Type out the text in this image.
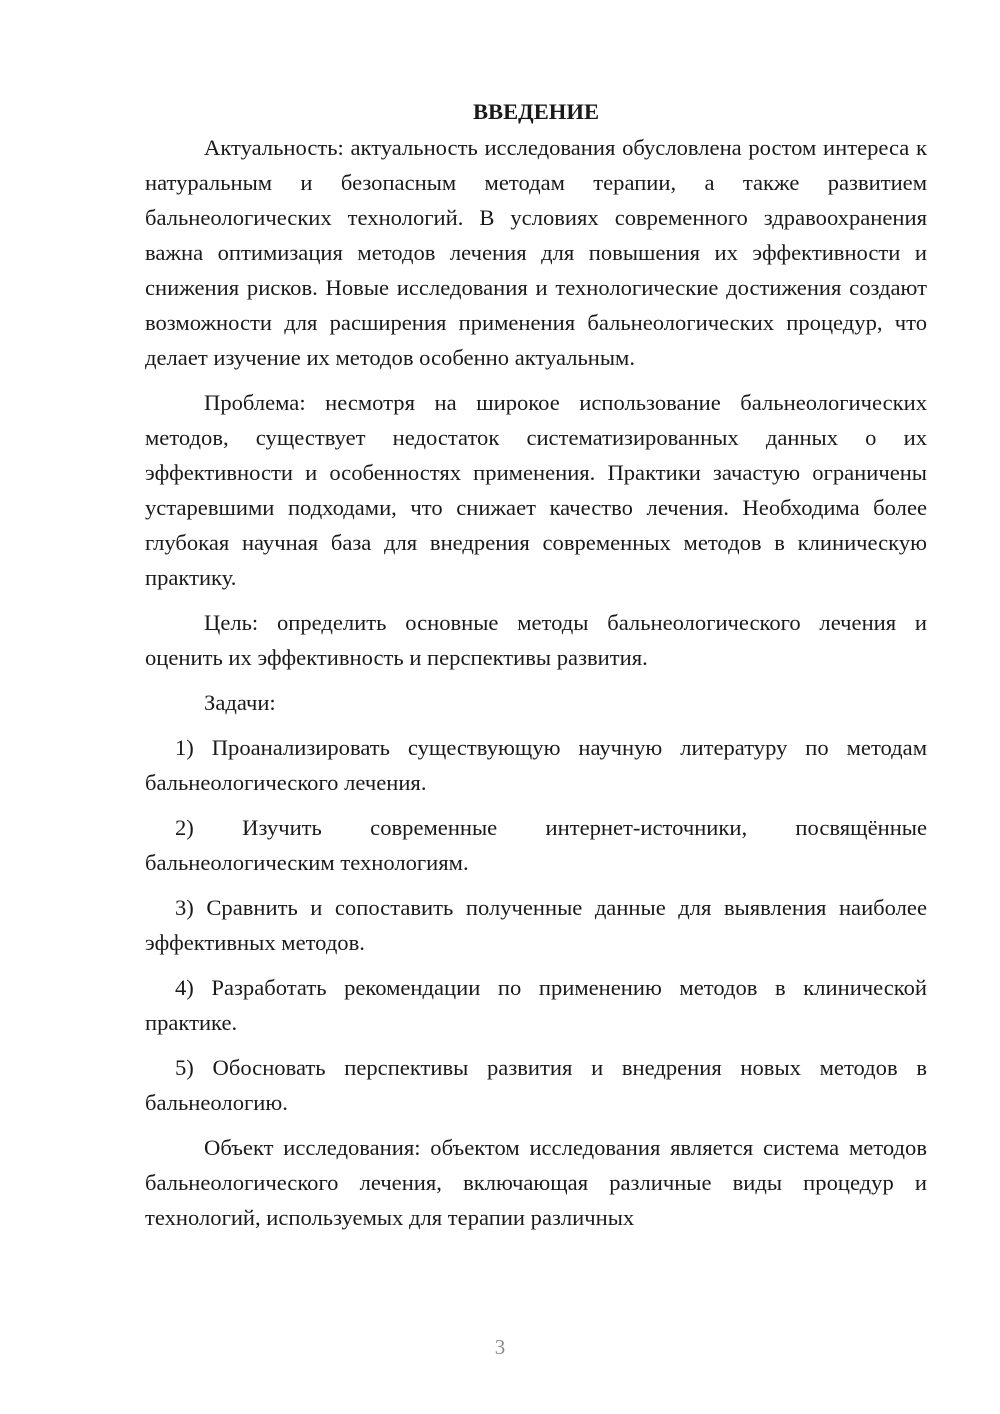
ВВЕДЕНИЕ

Актуальность: актуальность исследования обусловлена ростом интереса к натуральным и безопасным методам терапии, а также развитием бальнеологических технологий. В условиях современного здравоохранения важна оптимизация методов лечения для повышения их эффективности и снижения рисков. Новые исследования и технологические достижения создают возможности для расширения применения бальнеологических процедур, что делает изучение их методов особенно актуальным.

Проблема: несмотря на широкое использование бальнеологических методов, существует недостаток систематизированных данных о их эффективности и особенностях применения. Практики зачастую ограничены устаревшими подходами, что снижает качество лечения. Необходима более глубокая научная база для внедрения современных методов в клиническую практику.

Цель: определить основные методы бальнеологического лечения и оценить их эффективность и перспективы развития.

Задачи:

1) Проанализировать существующую научную литературу по методам бальнеологического лечения.

2) Изучить современные интернет-источники, посвящённые бальнеологическим технологиям.

3) Сравнить и сопоставить полученные данные для выявления наиболее эффективных методов.

4) Разработать рекомендации по применению методов в клинической практике.

5) Обосновать перспективы развития и внедрения новых методов в бальнеологию.

Объект исследования: объектом исследования является система методов бальнеологического лечения, включающая различные виды процедур и технологий, используемых для терапии различных

3
